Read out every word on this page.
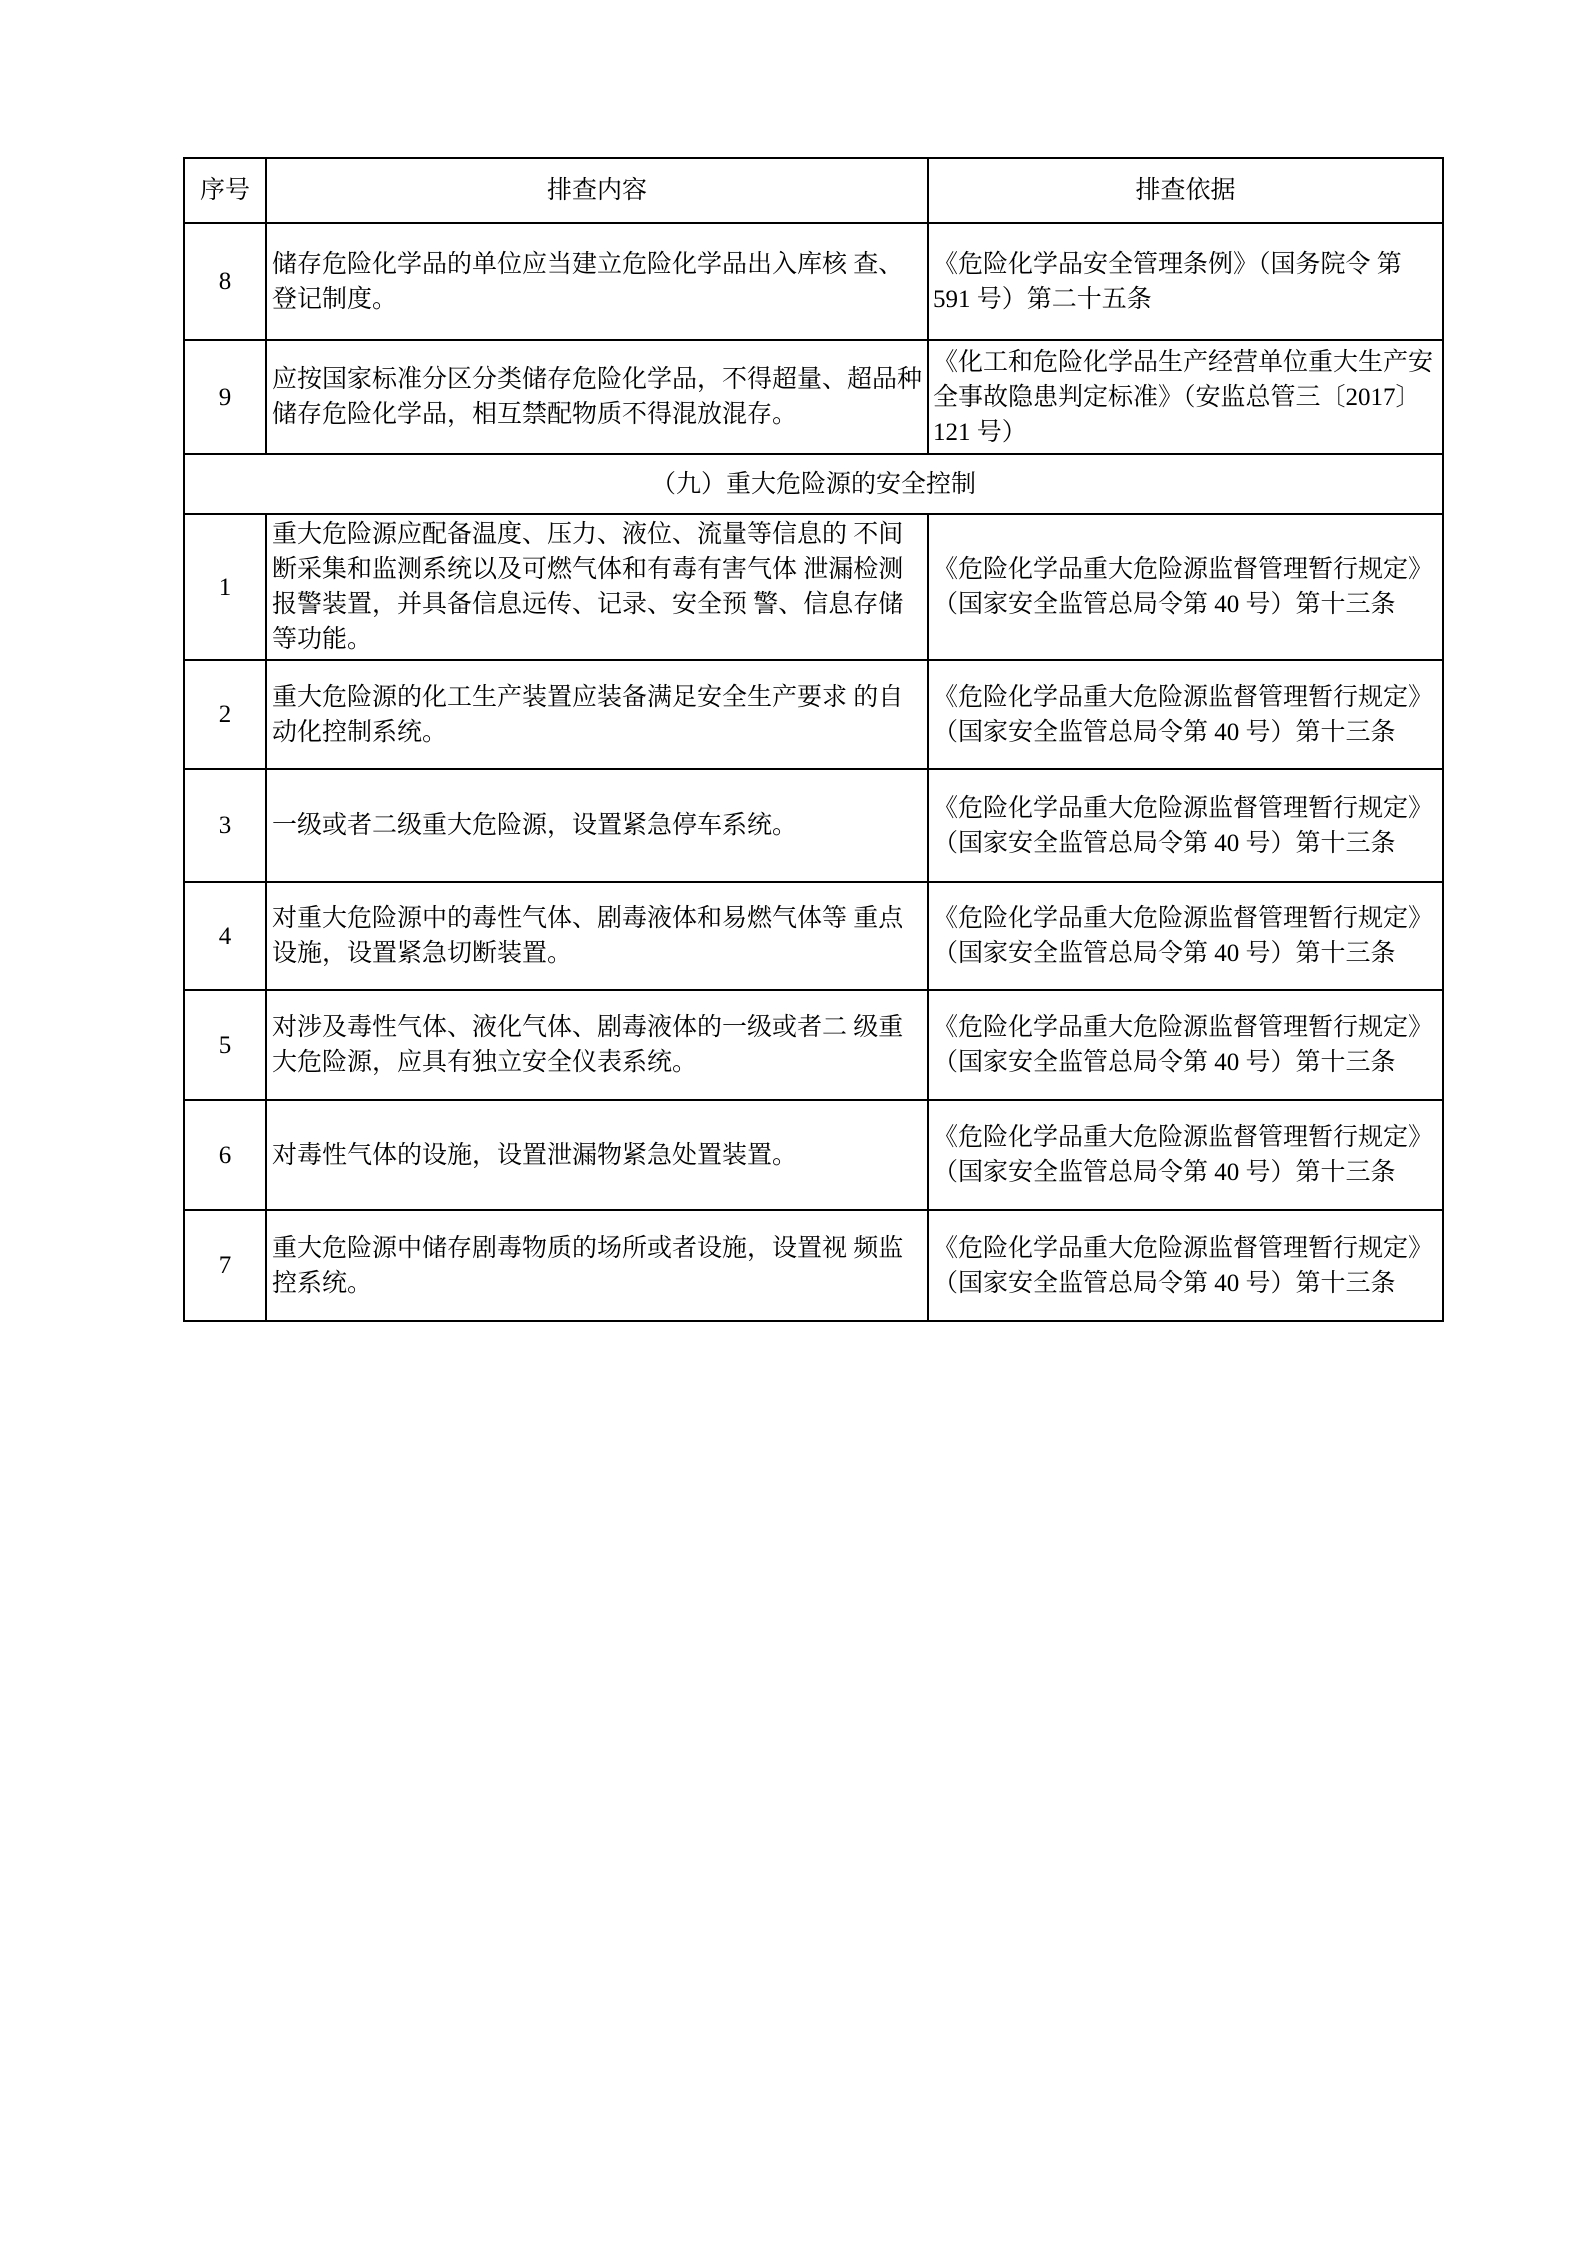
序号	排查内容	排查依据
8	储存危险化学品的单位应当建立危险化学品出入库核 查、登记制度。	《危险化学品安全管理条例》（国务院令 第 591 号）第二十五条
9	应按国家标准分区分类储存危险化学品，不得超量、超品种储存危险化学品，相互禁配物质不得混放混存。	《化工和危险化学品生产经营单位重大生产安全事故隐患判定标准》（安监总管三〔2017〕121 号）
（九）重大危险源的安全控制		
1	重大危险源应配备温度、压力、液位、流量等信息的 不间断采集和监测系统以及可燃气体和有毒有害气体 泄漏检测报警装置，并具备信息远传、记录、安全预 警、信息存储等功能。	《危险化学品重大危险源监督管理暂行规定》（国家安全监管总局令第 40 号）第十三条
2	重大危险源的化工生产装置应装备满足安全生产要求 的自动化控制系统。	《危险化学品重大危险源监督管理暂行规定》（国家安全监管总局令第 40 号）第十三条
3	一级或者二级重大危险源，设置紧急停车系统。	《危险化学品重大危险源监督管理暂行规定》（国家安全监管总局令第 40 号）第十三条
4	对重大危险源中的毒性气体、剧毒液体和易燃气体等 重点设施，设置紧急切断装置。	《危险化学品重大危险源监督管理暂行规定》（国家安全监管总局令第 40 号）第十三条
5	对涉及毒性气体、液化气体、剧毒液体的一级或者二 级重大危险源，应具有独立安全仪表系统。	《危险化学品重大危险源监督管理暂行规定》（国家安全监管总局令第 40 号）第十三条
6	对毒性气体的设施，设置泄漏物紧急处置装置。	《危险化学品重大危险源监督管理暂行规定》（国家安全监管总局令第 40 号）第十三条
7	重大危险源中储存剧毒物质的场所或者设施，设置视 频监控系统。	《危险化学品重大危险源监督管理暂行规定》（国家安全监管总局令第 40 号）第十三条
